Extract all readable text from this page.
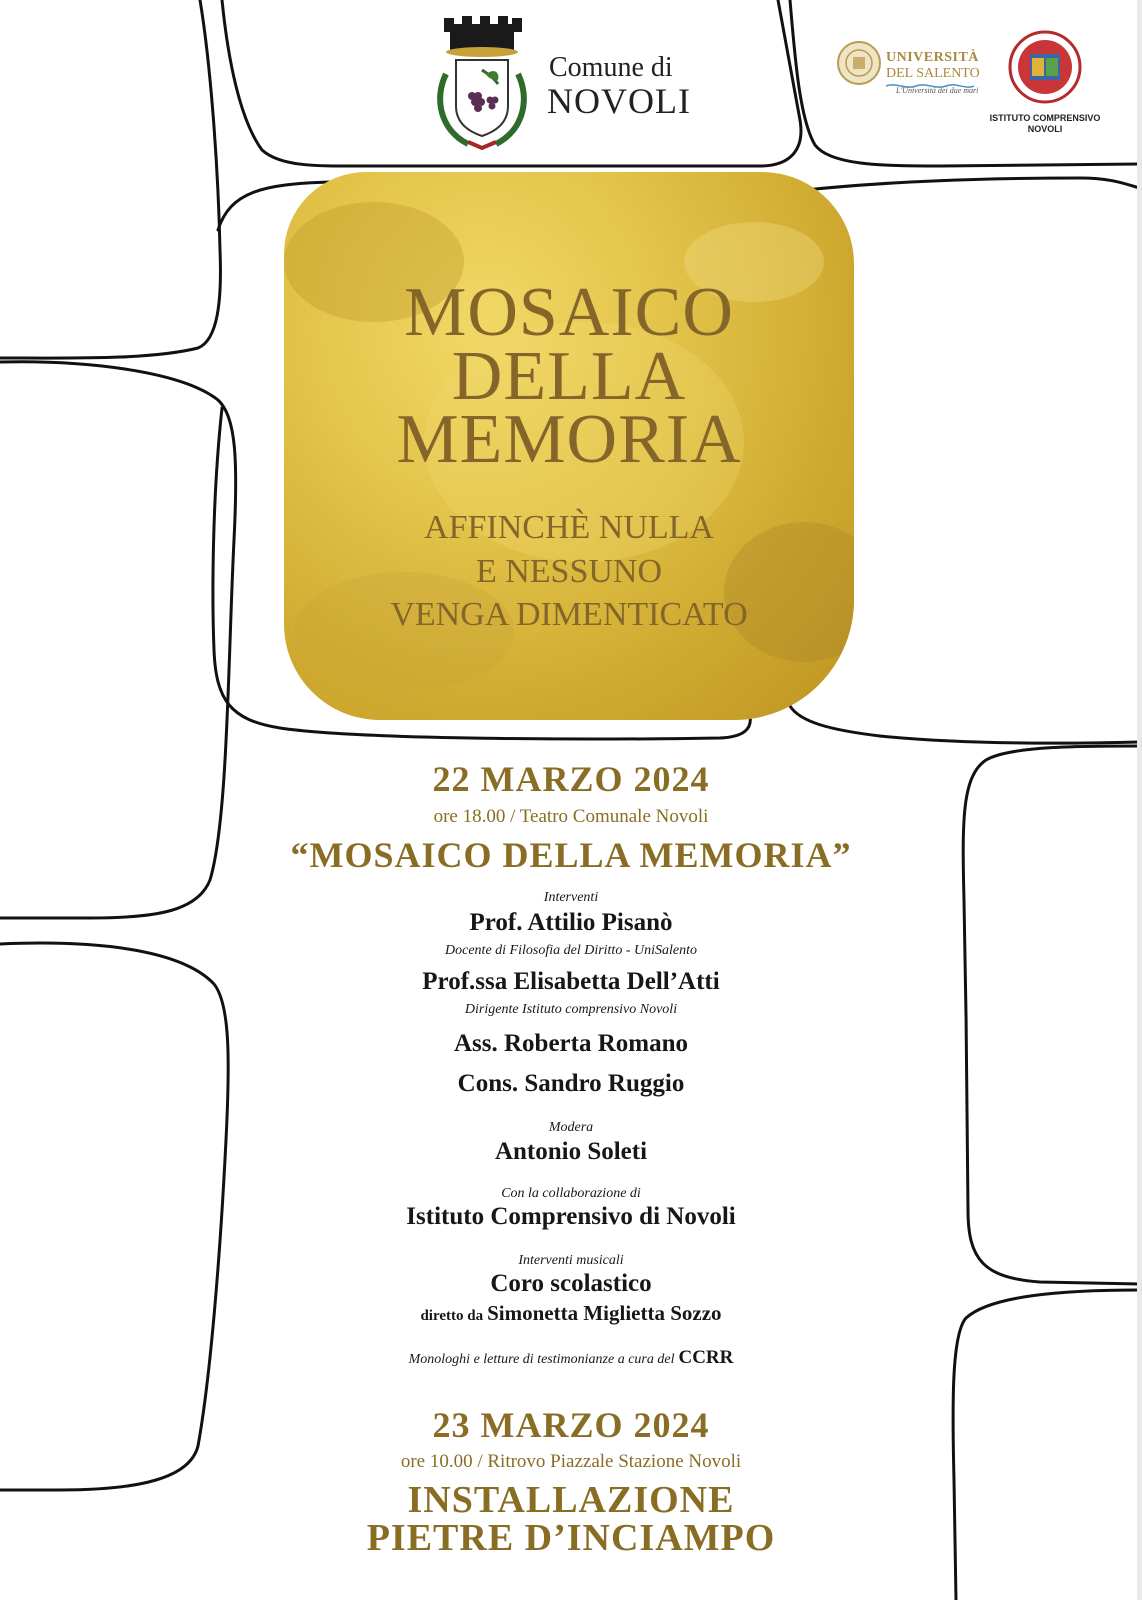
Comune di
NOVOLI
UNIVERSITÀ
DEL SALENTO
L'Università dei due mari
ISTITUTO COMPRENSIVO
NOVOLI
MOSAICO
DELLA
MEMORIA
AFFINCHÈ NULLA
E NESSUNO
VENGA DIMENTICATO
22 MARZO 2024
ore 18.00 / Teatro Comunale Novoli
“MOSAICO DELLA MEMORIA”
Interventi
Prof. Attilio Pisanò
Docente di Filosofia del Diritto - UniSalento
Prof.ssa Elisabetta Dell’Atti
Dirigente Istituto comprensivo Novoli
Ass. Roberta Romano
Cons. Sandro Ruggio
Modera
Antonio Soleti
Con la collaborazione di
Istituto Comprensivo di Novoli
Interventi musicali
Coro scolastico
diretto da Simonetta Miglietta Sozzo
Monologhi e letture di testimonianze a cura del CCRR
23 MARZO 2024
ore 10.00 / Ritrovo Piazzale Stazione Novoli
INSTALLAZIONE
PIETRE D’INCIAMPO
